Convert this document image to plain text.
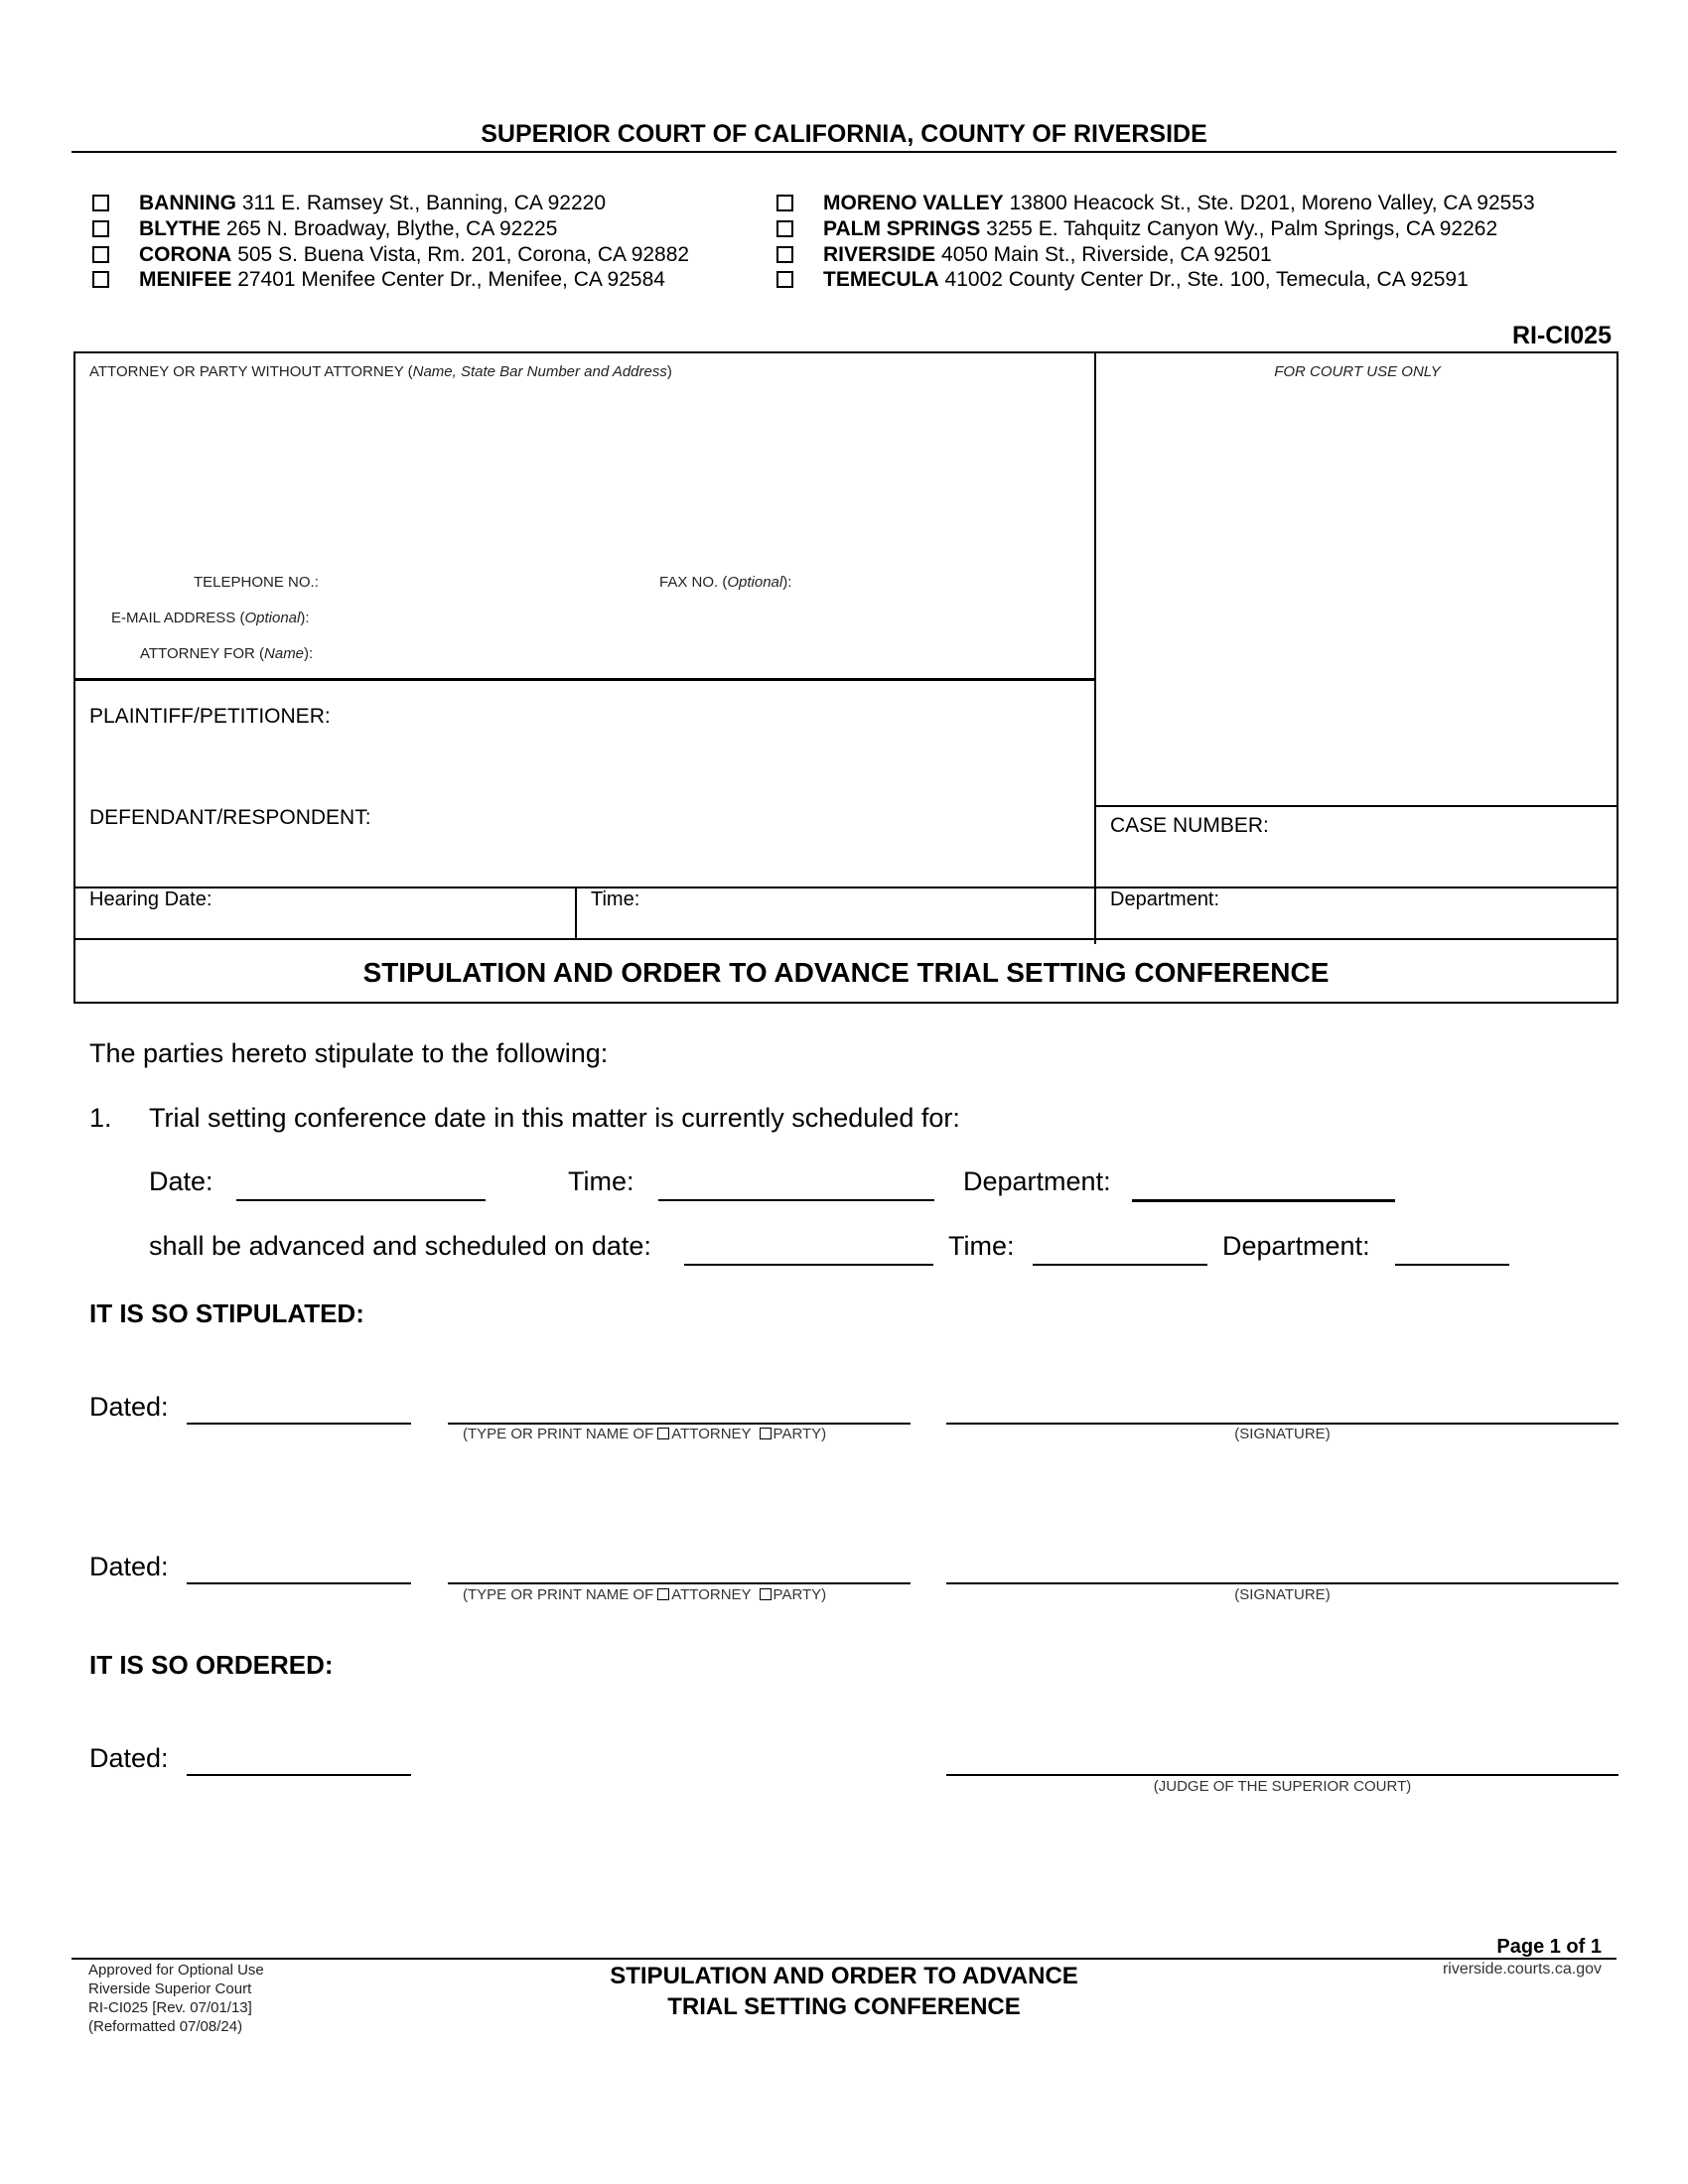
SUPERIOR COURT OF CALIFORNIA, COUNTY OF RIVERSIDE
BANNING 311 E. Ramsey St., Banning, CA 92220
BLYTHE 265 N. Broadway, Blythe, CA 92225
CORONA 505 S. Buena Vista, Rm. 201, Corona, CA 92882
MENIFEE 27401 Menifee Center Dr., Menifee, CA 92584
MORENO VALLEY 13800 Heacock St., Ste. D201, Moreno Valley, CA 92553
PALM SPRINGS 3255 E. Tahquitz Canyon Wy., Palm Springs, CA 92262
RIVERSIDE 4050 Main St., Riverside, CA 92501
TEMECULA 41002 County Center Dr., Ste. 100, Temecula, CA 92591
RI-CI025
ATTORNEY OR PARTY WITHOUT ATTORNEY (Name, State Bar Number and Address)	FOR COURT USE ONLY
TELEPHONE NO.:	FAX NO. (Optional):
E-MAIL ADDRESS (Optional):
ATTORNEY FOR (Name):
PLAINTIFF/PETITIONER:
DEFENDANT/RESPONDENT:	CASE NUMBER:
Hearing Date:	Time:	Department:
STIPULATION AND ORDER TO ADVANCE TRIAL SETTING CONFERENCE
The parties hereto stipulate to the following:
1. Trial setting conference date in this matter is currently scheduled for:
Date:	Time:	Department:
shall be advanced and scheduled on date:	Time:	Department:
IT IS SO STIPULATED:
Dated:
(TYPE OR PRINT NAME OF ATTORNEY PARTY)	(SIGNATURE)
Dated:
(TYPE OR PRINT NAME OF ATTORNEY PARTY)	(SIGNATURE)
IT IS SO ORDERED:
Dated:
(JUDGE OF THE SUPERIOR COURT)
Page 1 of 1
Approved for Optional Use
Riverside Superior Court
RI-CI025 [Rev. 07/01/13]
(Reformatted 07/08/24)
STIPULATION AND ORDER TO ADVANCE
TRIAL SETTING CONFERENCE
riverside.courts.ca.gov
